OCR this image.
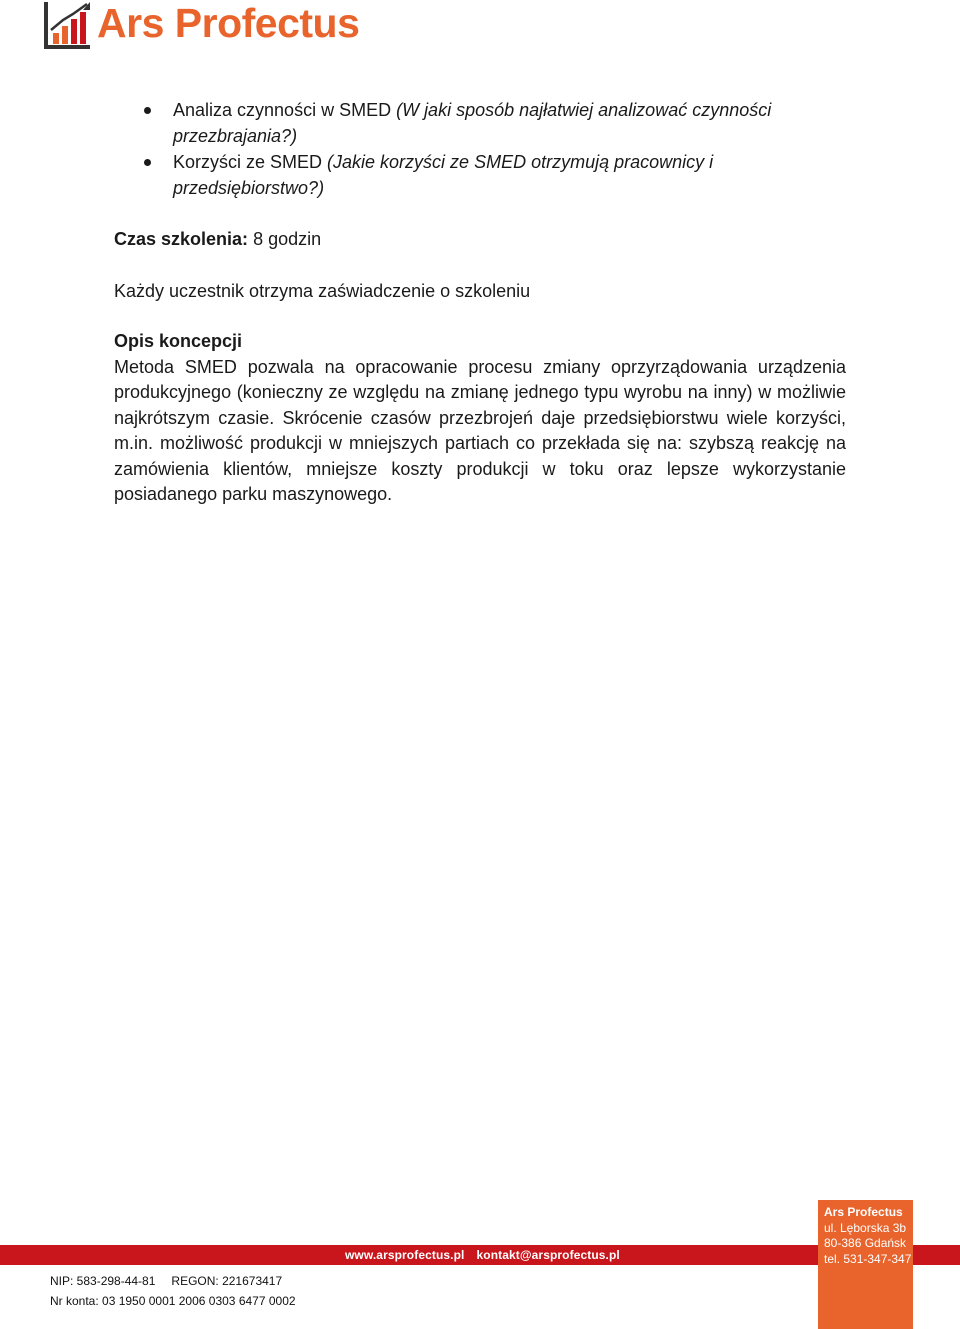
Ars Profectus
Analiza czynności w SMED (W jaki sposób najłatwiej analizować czynności przezbrajania?)
Korzyści ze SMED (Jakie korzyści ze SMED otrzymują pracownicy i przedsiębiorstwo?)

Czas szkolenia: 8 godzin

Każdy uczestnik otrzyma zaświadczenie o szkoleniu

Opis koncepcji

Metoda SMED pozwala na opracowanie procesu zmiany oprzyrządowania urządzenia produkcyjnego (konieczny ze względu na zmianę jednego typu wyrobu na inny) w możliwie najkrótszym czasie. Skrócenie czasów przezbrojeń daje przedsiębiorstwu wiele korzyści, m.in. możliwość produkcji w mniejszych partiach co przekłada się na: szybszą reakcję na zamówienia klientów, mniejsze koszty produkcji w toku oraz lepsze wykorzystanie posiadanego parku maszynowego.

www.arsprofectus.pl kontakt@arsprofectus.pl
Ars Profectus
ul. Lęborska 3b
80-386 Gdańsk
tel. 531-347-347
NIP: 583-298-44-81 REGON: 221673417
Nr konta: 03 1950 0001 2006 0303 6477 0002
